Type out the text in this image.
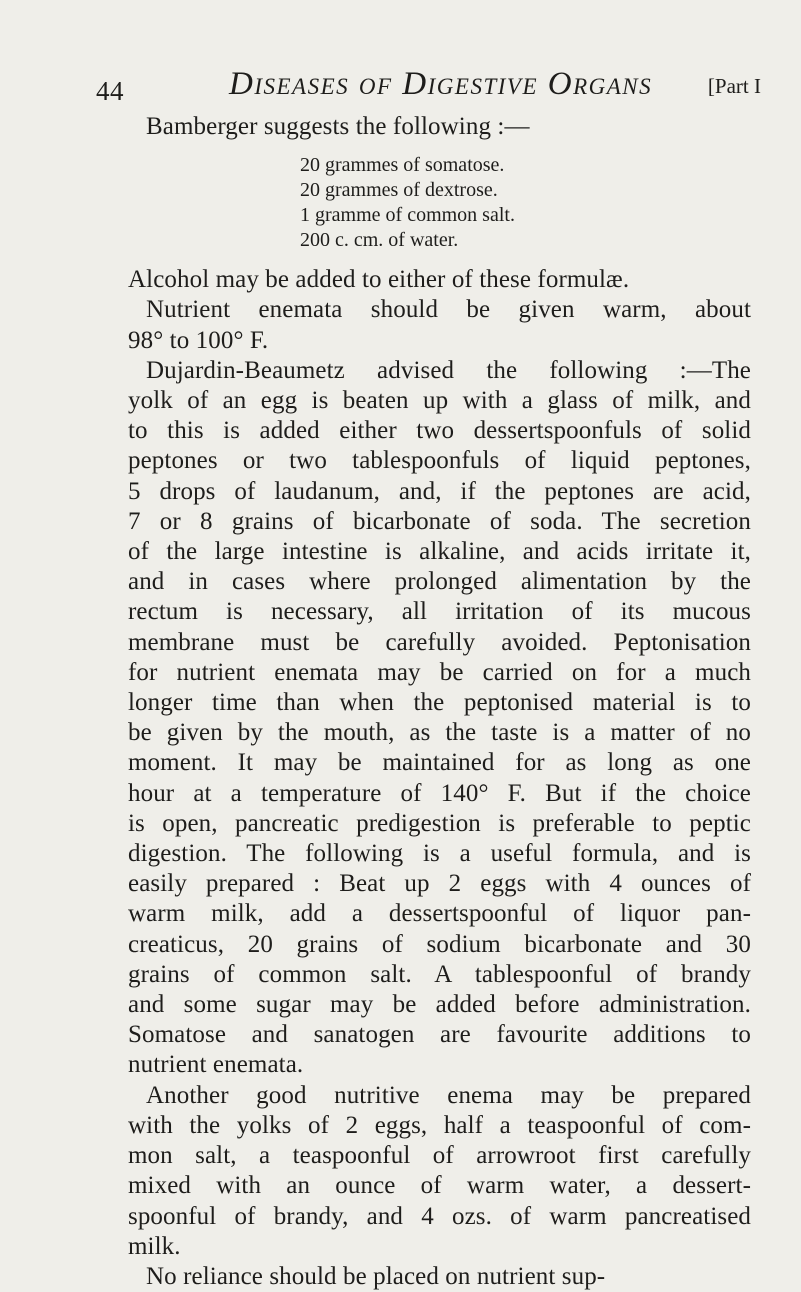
44	Diseases of Digestive Organs	[Part I

Bamberger suggests the following :—

20 grammes of somatose.
20 grammes of dextrose.
1 gramme of common salt.
200 c. cm. of water.
Alcohol may be added to either of these formulæ.
Nutrient enemata should be given warm, about
98° to 100° F.
Dujardin-Beaumetz advised the following :—The
yolk of an egg is beaten up with a glass of milk, and
to this is added either two dessertspoonfuls of solid
peptones or two tablespoonfuls of liquid peptones,
5 drops of laudanum, and, if the peptones are acid,
7 or 8 grains of bicarbonate of soda. The secretion
of the large intestine is alkaline, and acids irritate it,
and in cases where prolonged alimentation by the
rectum is necessary, all irritation of its mucous
membrane must be carefully avoided. Peptonisation
for nutrient enemata may be carried on for a much
longer time than when the peptonised material is to
be given by the mouth, as the taste is a matter of no
moment. It may be maintained for as long as one
hour at a temperature of 140° F. But if the choice
is open, pancreatic predigestion is preferable to peptic
digestion. The following is a useful formula, and is
easily prepared : Beat up 2 eggs with 4 ounces of
warm milk, add a dessertspoonful of liquor pan-
creaticus, 20 grains of sodium bicarbonate and 30
grains of common salt. A tablespoonful of brandy
and some sugar may be added before administration.
Somatose and sanatogen are favourite additions to
nutrient enemata.
Another good nutritive enema may be prepared
with the yolks of 2 eggs, half a teaspoonful of com-
mon salt, a teaspoonful of arrowroot first carefully
mixed with an ounce of warm water, a dessert-
spoonful of brandy, and 4 ozs. of warm pancreatised
milk.
No reliance should be placed on nutrient sup-
